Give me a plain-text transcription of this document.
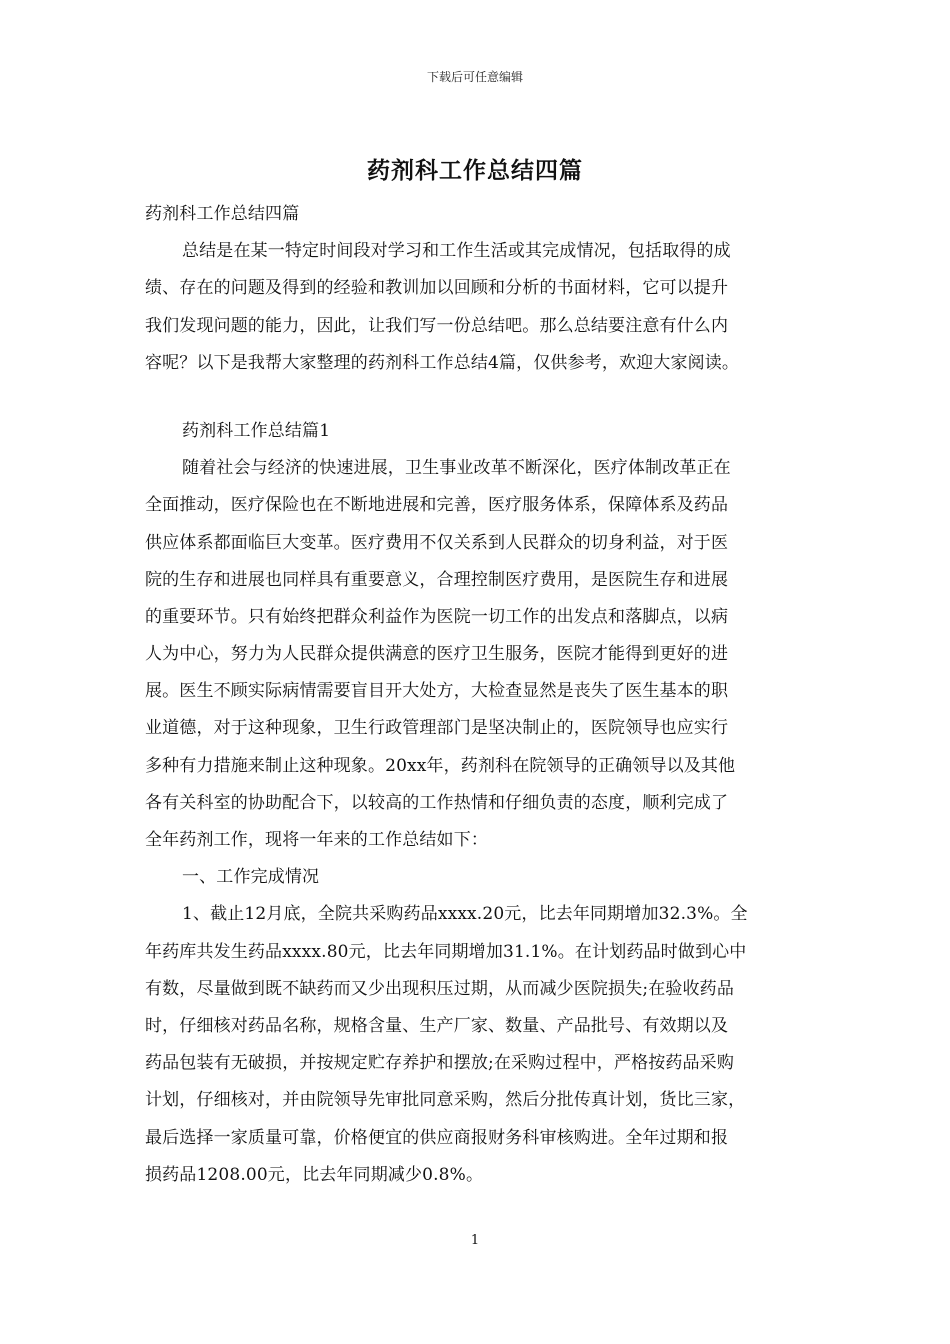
下载后可任意编辑
药剂科工作总结四篇
药剂科工作总结四篇
总结是在某一特定时间段对学习和工作生活或其完成情况，包括取得的成
绩、存在的问题及得到的经验和教训加以回顾和分析的书面材料，它可以提升
我们发现问题的能力，因此，让我们写一份总结吧。那么总结要注意有什么内
容呢？以下是我帮大家整理的药剂科工作总结4篇，仅供参考，欢迎大家阅读。
药剂科工作总结篇1
随着社会与经济的快速进展，卫生事业改革不断深化，医疗体制改革正在
全面推动，医疗保险也在不断地进展和完善，医疗服务体系，保障体系及药品
供应体系都面临巨大变革。医疗费用不仅关系到人民群众的切身利益，对于医
院的生存和进展也同样具有重要意义，合理控制医疗费用，是医院生存和进展
的重要环节。只有始终把群众利益作为医院一切工作的出发点和落脚点，以病
人为中心，努力为人民群众提供满意的医疗卫生服务，医院才能得到更好的进
展。医生不顾实际病情需要盲目开大处方，大检查显然是丧失了医生基本的职
业道德，对于这种现象，卫生行政管理部门是坚决制止的，医院领导也应实行
多种有力措施来制止这种现象。20xx年，药剂科在院领导的正确领导以及其他
各有关科室的协助配合下，以较高的工作热情和仔细负责的态度，顺利完成了
全年药剂工作，现将一年来的工作总结如下：
一、工作完成情况
1、截止12月底，全院共采购药品xxxx.20元，比去年同期增加32.3%。全
年药库共发生药品xxxx.80元，比去年同期增加31.1%。在计划药品时做到心中
有数，尽量做到既不缺药而又少出现积压过期，从而减少医院损失;在验收药品
时，仔细核对药品名称，规格含量、生产厂家、数量、产品批号、有效期以及
药品包装有无破损，并按规定贮存养护和摆放;在采购过程中，严格按药品采购
计划，仔细核对，并由院领导先审批同意采购，然后分批传真计划，货比三家，
最后选择一家质量可靠，价格便宜的供应商报财务科审核购进。全年过期和报
损药品1208.00元，比去年同期减少0.8%。
1
